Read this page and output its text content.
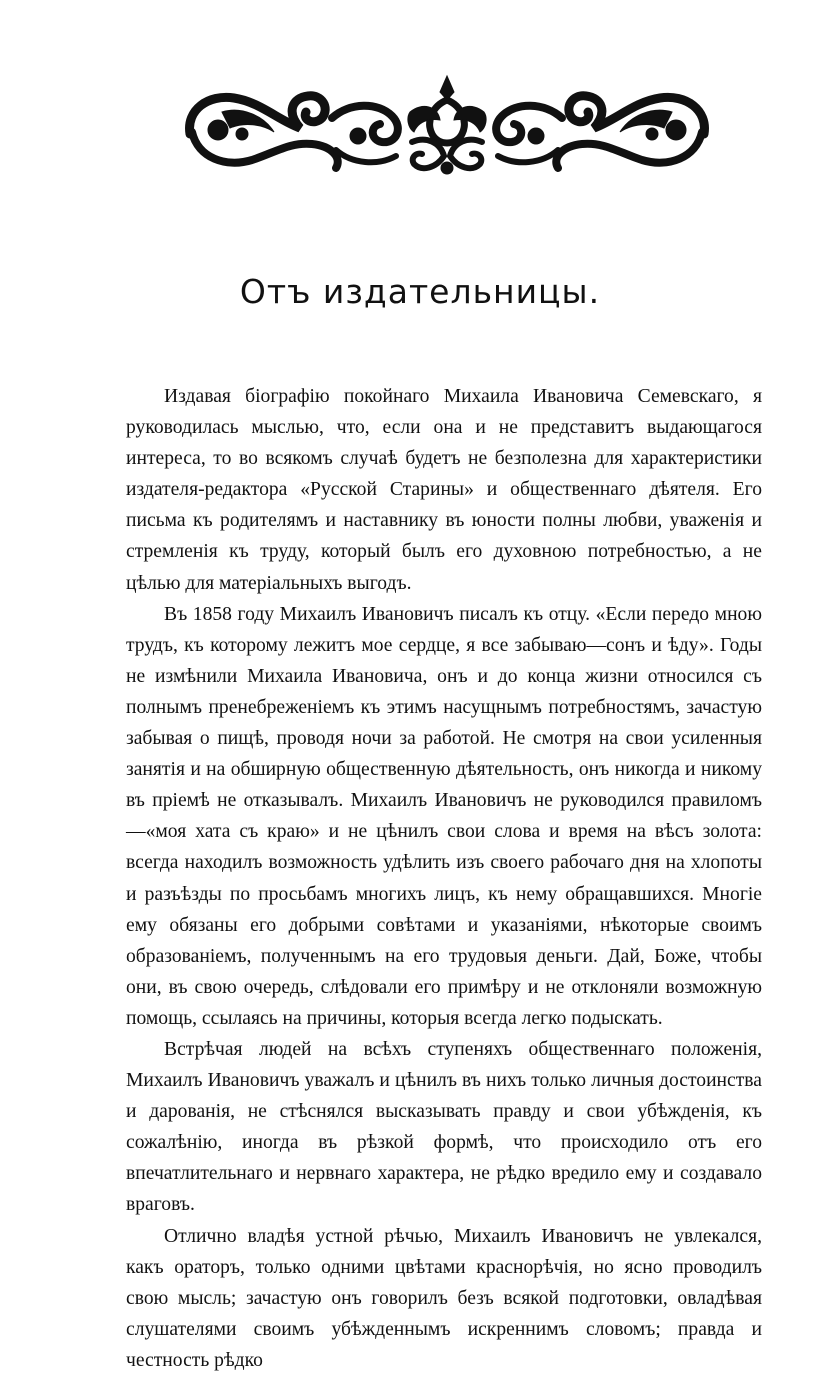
Отъ издательницы.

Издавая біографію покойнаго Михаила Ивановича Семевскаго, я руководилась мыслью, что, если она и не представитъ выдающагося интереса, то во всякомъ случаѣ будетъ не безполезна для характеристики издателя-редактора «Русской Старины» и общественнаго дѣятеля. Его письма къ родителямъ и наставнику въ юности полны любви, уваженія и стремленія къ труду, который былъ его духовною потребностью, а не цѣлью для матеріальныхъ выгодъ.

Въ 1858 году Михаилъ Ивановичъ писалъ къ отцу. «Если передо мною трудъ, къ которому лежитъ мое сердце, я все забываю—сонъ и ѣду». Годы не измѣнили Михаила Ивановича, онъ и до конца жизни относился съ полнымъ пренебреженіемъ къ этимъ насущнымъ потребностямъ, зачастую забывая о пищѣ, проводя ночи за работой. Не смотря на свои усиленныя занятія и на обширную общественную дѣятельность, онъ никогда и никому въ пріемѣ не отказывалъ. Михаилъ Ивановичъ не руководился правиломъ—«моя хата съ краю» и не цѣнилъ свои слова и время на вѣсъ золота: всегда находилъ возможность удѣлить изъ своего рабочаго дня на хлопоты и разъѣзды по просьбамъ многихъ лицъ, къ нему обращавшихся. Многіе ему обязаны его добрыми совѣтами и указаніями, нѣкоторые своимъ образованіемъ, полученнымъ на его трудовыя деньги. Дай, Боже, чтобы они, въ свою очередь, слѣдовали его примѣру и не отклоняли возможную помощь, ссылаясь на причины, которыя всегда легко подыскать.

Встрѣчая людей на всѣхъ ступеняхъ общественнаго положенія, Михаилъ Ивановичъ уважалъ и цѣнилъ въ нихъ только личныя достоинства и дарованія, не стѣснялся высказывать правду и свои убѣжденія, къ сожалѣнію, иногда въ рѣзкой формѣ, что происходило отъ его впечатлительнаго и нервнаго характера, не рѣдко вредило ему и создавало враговъ.

Отлично владѣя устной рѣчью, Михаилъ Ивановичъ не увлекался, какъ ораторъ, только одними цвѣтами краснорѣчія, но ясно проводилъ свою мысль; зачастую онъ говорилъ безъ всякой подготовки, овладѣвая слушателями своимъ убѣжденнымъ искреннимъ словомъ; правда и честность рѣдко
